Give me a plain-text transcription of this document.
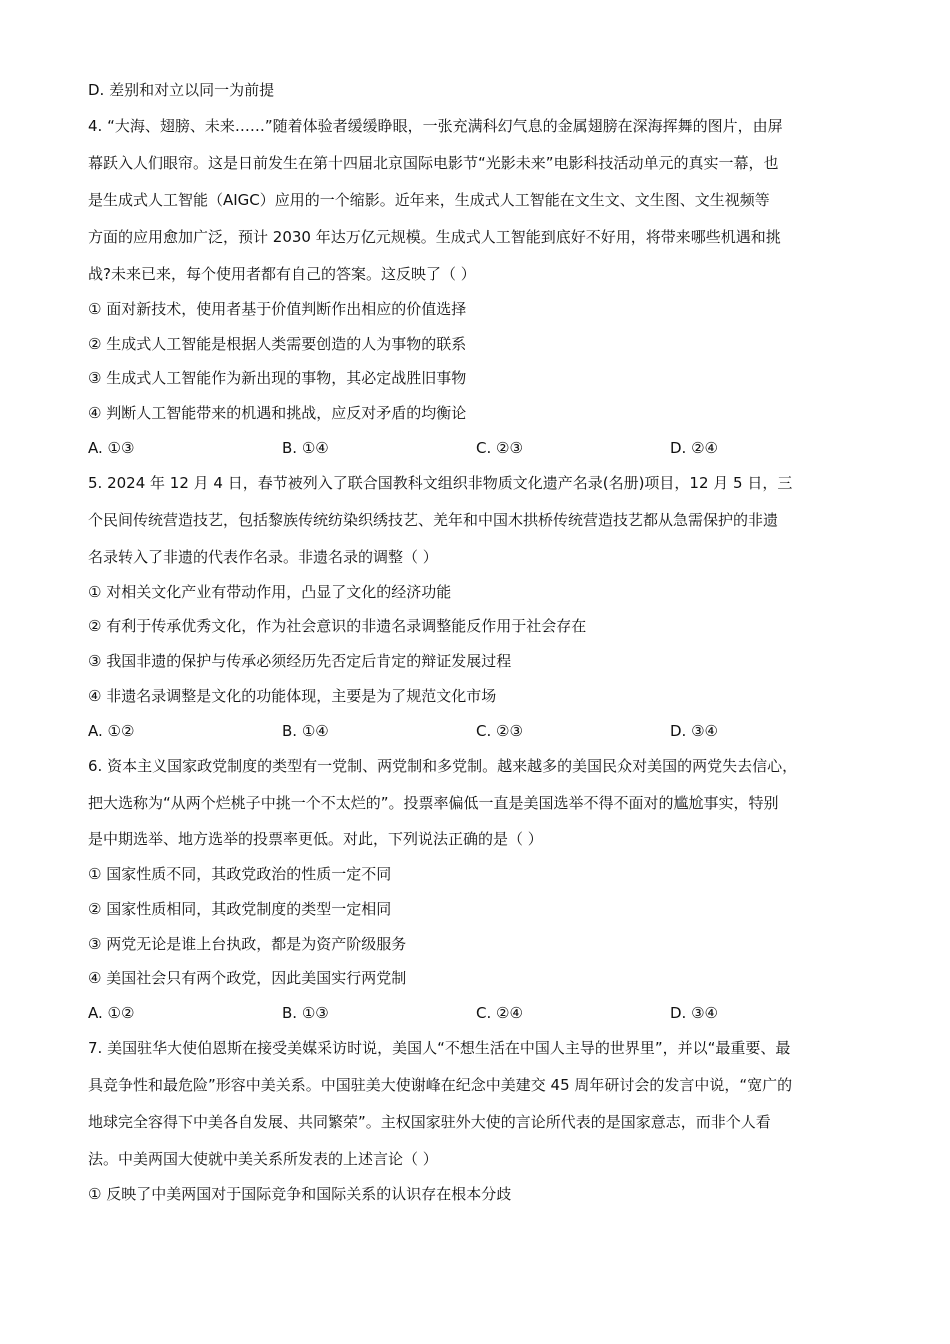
D. 差别和对立以同一为前提
4. “大海、翅膀、未来……”随着体验者缓缓睁眼，一张充满科幻气息的金属翅膀在深海挥舞的图片，由屏
幕跃入人们眼帘。这是日前发生在第十四届北京国际电影节“光影未来”电影科技活动单元的真实一幕，也
是生成式人工智能（AIGC）应用的一个缩影。近年来，生成式人工智能在文生文、文生图、文生视频等
方面的应用愈加广泛，预计 2030 年达万亿元规模。生成式人工智能到底好不好用，将带来哪些机遇和挑
战?未来已来，每个使用者都有自己的答案。这反映了（ ）
① 面对新技术，使用者基于价值判断作出相应的价值选择
② 生成式人工智能是根据人类需要创造的人为事物的联系
③ 生成式人工智能作为新出现的事物，其必定战胜旧事物
④ 判断人工智能带来的机遇和挑战，应反对矛盾的均衡论
A. ①③	B. ①④	C. ②③	D. ②④
5. 2024 年 12 月 4 日，春节被列入了联合国教科文组织非物质文化遗产名录(名册)项目，12 月 5 日，三
个民间传统营造技艺，包括黎族传统纺染织绣技艺、羌年和中国木拱桥传统营造技艺都从急需保护的非遗
名录转入了非遗的代表作名录。非遗名录的调整（ ）
① 对相关文化产业有带动作用，凸显了文化的经济功能
② 有利于传承优秀文化，作为社会意识的非遗名录调整能反作用于社会存在
③ 我国非遗的保护与传承必须经历先否定后肯定的辩证发展过程
④ 非遗名录调整是文化的功能体现，主要是为了规范文化市场
A. ①②	B. ①④	C. ②③	D. ③④
6. 资本主义国家政党制度的类型有一党制、两党制和多党制。越来越多的美国民众对美国的两党失去信心，
把大选称为“从两个烂桃子中挑一个不太烂的”。投票率偏低一直是美国选举不得不面对的尴尬事实，特别
是中期选举、地方选举的投票率更低。对此，下列说法正确的是（ ）
① 国家性质不同，其政党政治的性质一定不同
② 国家性质相同，其政党制度的类型一定相同
③ 两党无论是谁上台执政，都是为资产阶级服务
④ 美国社会只有两个政党，因此美国实行两党制
A. ①②	B. ①③	C. ②④	D. ③④
7. 美国驻华大使伯恩斯在接受美媒采访时说，美国人“不想生活在中国人主导的世界里”，并以“最重要、最
具竞争性和最危险”形容中美关系。中国驻美大使谢峰在纪念中美建交 45 周年研讨会的发言中说，“宽广的
地球完全容得下中美各自发展、共同繁荣”。主权国家驻外大使的言论所代表的是国家意志，而非个人看
法。中美两国大使就中美关系所发表的上述言论（ ）
① 反映了中美两国对于国际竞争和国际关系的认识存在根本分歧
